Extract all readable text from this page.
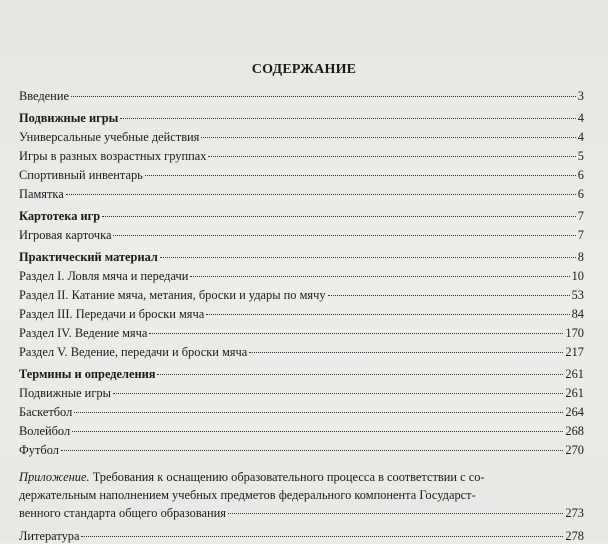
СОДЕРЖАНИЕ
Введение	3
Подвижные игры	4
Универсальные учебные действия	4
Игры в разных возрастных группах	5
Спортивный инвентарь	6
Памятка	6
Картотека игр	7
Игровая карточка	7
Практический материал	8
Раздел I. Ловля мяча и передачи	10
Раздел II. Катание мяча, метания, броски и удары по мячу	53
Раздел III. Передачи и броски мяча	84
Раздел IV. Ведение мяча	170
Раздел V. Ведение, передачи и броски мяча	217
Термины и определения	261
Подвижные игры	261
Баскетбол	264
Волейбол	268
Футбол	270
Приложение. Требования к оснащению образовательного процесса в соответствии с со-
держательным наполнением учебных предметов федерального компонента Государст-
венного стандарта общего образования	273
Литература	278
